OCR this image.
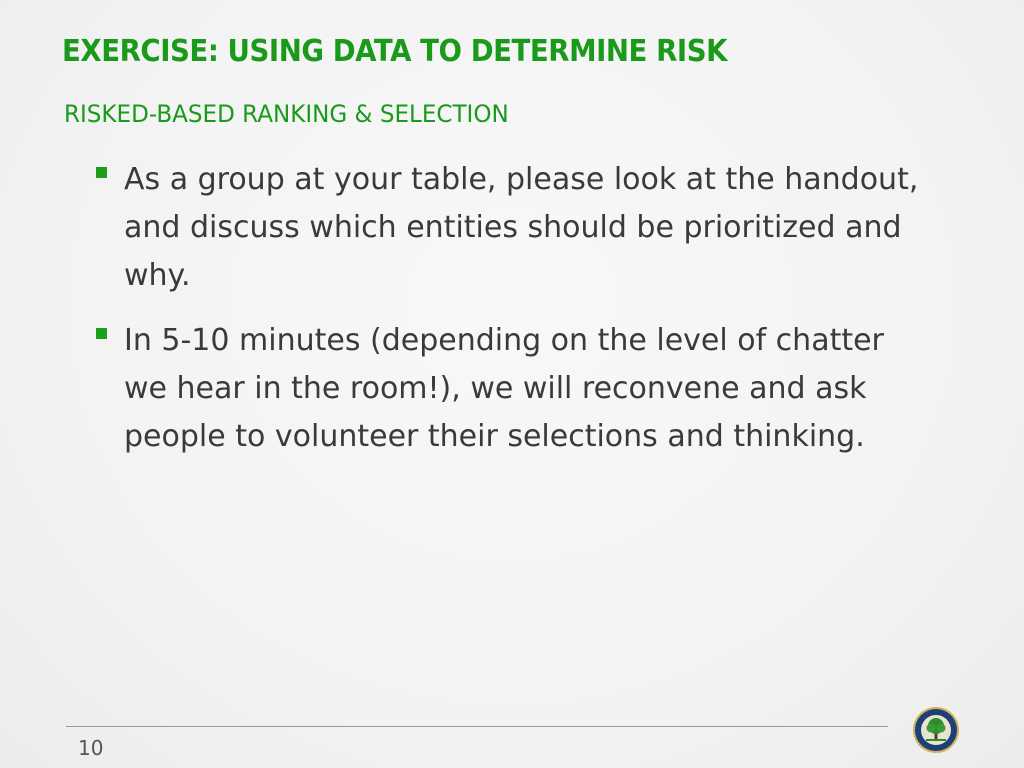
EXERCISE: USING DATA TO DETERMINE RISK
RISKED-BASED RANKING & SELECTION
As a group at your table, please look at the handout, and discuss which entities should be prioritized and why.
In 5-10 minutes (depending on the level of chatter we hear in the room!), we will reconvene and ask people to volunteer their selections and thinking.
10
